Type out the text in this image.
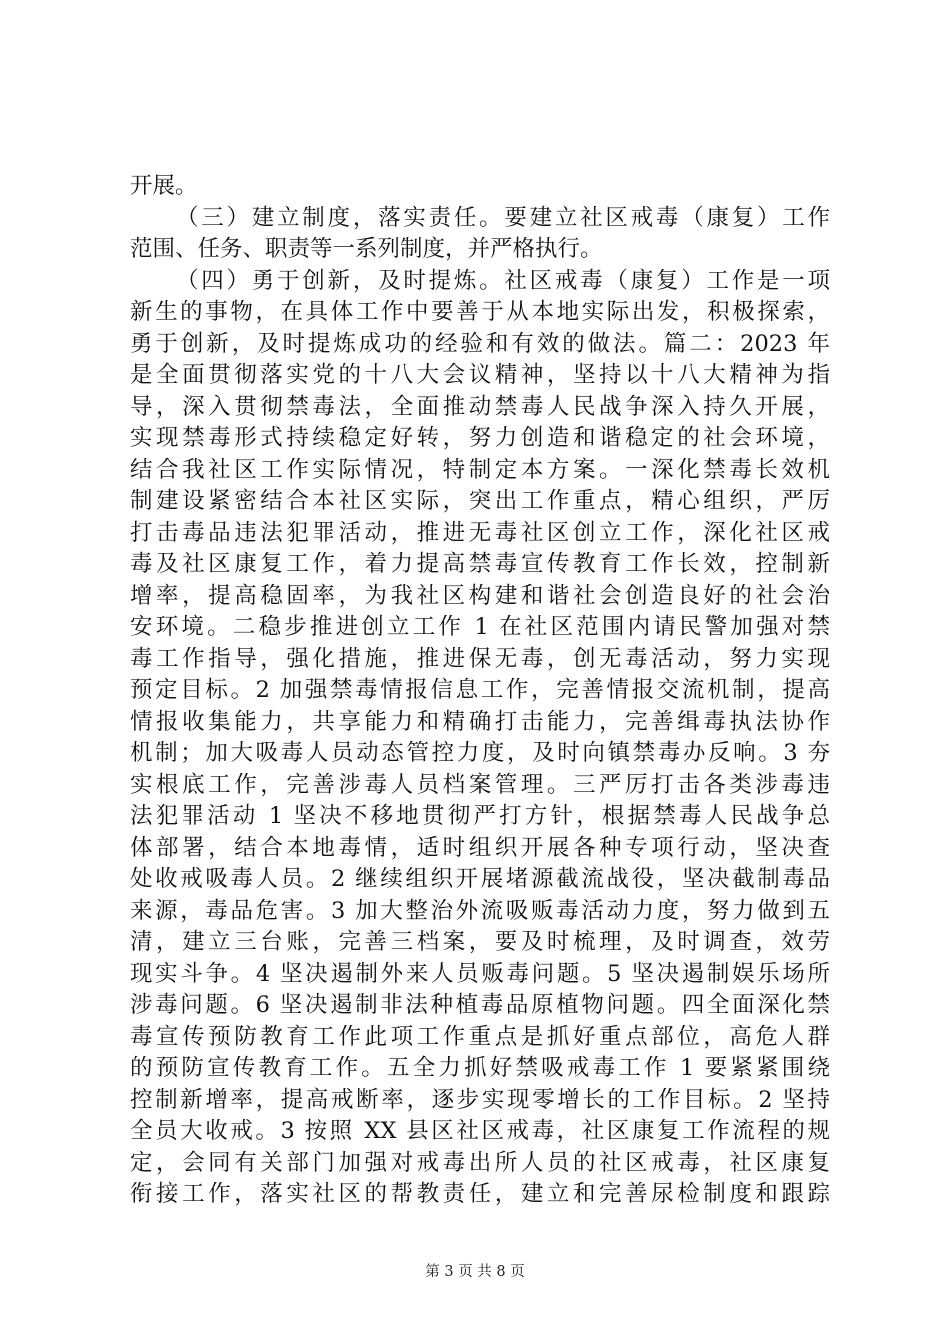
开展。
（三）建立制度，落实责任。要建立社区戒毒（康复）工作
范围、任务、职责等一系列制度，并严格执行。
（四）勇于创新，及时提炼。社区戒毒（康复）工作是一项
新生的事物，在具体工作中要善于从本地实际出发，积极探索，
勇于创新，及时提炼成功的经验和有效的做法。篇二：2023 年
是全面贯彻落实党的十八大会议精神，坚持以十八大精神为指
导，深入贯彻禁毒法，全面推动禁毒人民战争深入持久开展，
实现禁毒形式持续稳定好转，努力创造和谐稳定的社会环境，
结合我社区工作实际情况，特制定本方案。一深化禁毒长效机
制建设紧密结合本社区实际，突出工作重点，精心组织，严厉
打击毒品违法犯罪活动，推进无毒社区创立工作，深化社区戒
毒及社区康复工作，着力提高禁毒宣传教育工作长效，控制新
增率，提高稳固率，为我社区构建和谐社会创造良好的社会治
安环境。二稳步推进创立工作 1 在社区范围内请民警加强对禁
毒工作指导，强化措施，推进保无毒，创无毒活动，努力实现
预定目标。2 加强禁毒情报信息工作，完善情报交流机制，提高
情报收集能力，共享能力和精确打击能力，完善缉毒执法协作
机制；加大吸毒人员动态管控力度，及时向镇禁毒办反响。3 夯
实根底工作，完善涉毒人员档案管理。三严厉打击各类涉毒违
法犯罪活动 1 坚决不移地贯彻严打方针，根据禁毒人民战争总
体部署，结合本地毒情，适时组织开展各种专项行动，坚决查
处收戒吸毒人员。2 继续组织开展堵源截流战役，坚决截制毒品
来源，毒品危害。3 加大整治外流吸贩毒活动力度，努力做到五
清，建立三台账，完善三档案，要及时梳理，及时调查，效劳
现实斗争。4 坚决遏制外来人员贩毒问题。5 坚决遏制娱乐场所
涉毒问题。6 坚决遏制非法种植毒品原植物问题。四全面深化禁
毒宣传预防教育工作此项工作重点是抓好重点部位，高危人群
的预防宣传教育工作。五全力抓好禁吸戒毒工作 1 要紧紧围绕
控制新增率，提高戒断率，逐步实现零增长的工作目标。2 坚持
全员大收戒。3 按照 XX 县区社区戒毒，社区康复工作流程的规
定，会同有关部门加强对戒毒出所人员的社区戒毒，社区康复
衔接工作，落实社区的帮教责任，建立和完善尿检制度和跟踪
第 3 页 共 8 页
